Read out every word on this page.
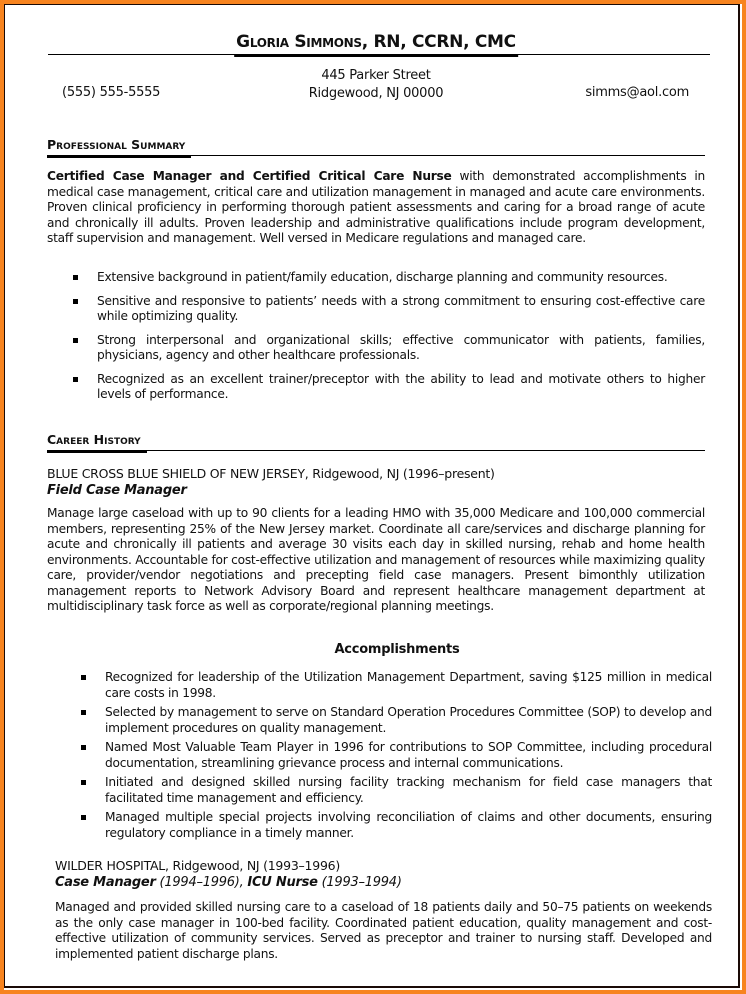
Gloria Simmons, RN, CCRN, CMC
(555) 555-5555
445 Parker Street
Ridgewood, NJ 00000	simms@aol.com
Professional Summary
Certified Case Manager and Certified Critical Care Nurse with demonstrated accomplishments in medical case management, critical care and utilization management in managed and acute care environments. Proven clinical proficiency in performing thorough patient assessments and caring for a broad range of acute and chronically ill adults. Proven leadership and administrative qualifications include program development, staff supervision and management. Well versed in Medicare regulations and managed care.
Extensive background in patient/family education, discharge planning and community resources.
Sensitive and responsive to patients’ needs with a strong commitment to ensuring cost-effective care while optimizing quality.
Strong interpersonal and organizational skills; effective communicator with patients, families, physicians, agency and other healthcare professionals.
Recognized as an excellent trainer/preceptor with the ability to lead and motivate others to higher levels of performance.
Career History
BLUE CROSS BLUE SHIELD OF NEW JERSEY, Ridgewood, NJ (1996–present)
Field Case Manager
Manage large caseload with up to 90 clients for a leading HMO with 35,000 Medicare and 100,000 commercial members, representing 25% of the New Jersey market. Coordinate all care/services and discharge planning for acute and chronically ill patients and average 30 visits each day in skilled nursing, rehab and home health environments. Accountable for cost-effective utilization and management of resources while maximizing quality care, provider/vendor negotiations and precepting field case managers. Present bimonthly utilization management reports to Network Advisory Board and represent healthcare management department at multidisciplinary task force as well as corporate/regional planning meetings.
Accomplishments
Recognized for leadership of the Utilization Management Department, saving $125 million in medical care costs in 1998.
Selected by management to serve on Standard Operation Procedures Committee (SOP) to develop and implement procedures on quality management.
Named Most Valuable Team Player in 1996 for contributions to SOP Committee, including procedural documentation, streamlining grievance process and internal communications.
Initiated and designed skilled nursing facility tracking mechanism for field case managers that facilitated time management and efficiency.
Managed multiple special projects involving reconciliation of claims and other documents, ensuring regulatory compliance in a timely manner.
WILDER HOSPITAL, Ridgewood, NJ (1993–1996)
Case Manager (1994–1996), ICU Nurse (1993–1994)
Managed and provided skilled nursing care to a caseload of 18 patients daily and 50–75 patients on weekends as the only case manager in 100-bed facility. Coordinated patient education, quality management and cost-effective utilization of community services. Served as preceptor and trainer to nursing staff. Developed and implemented patient discharge plans.
